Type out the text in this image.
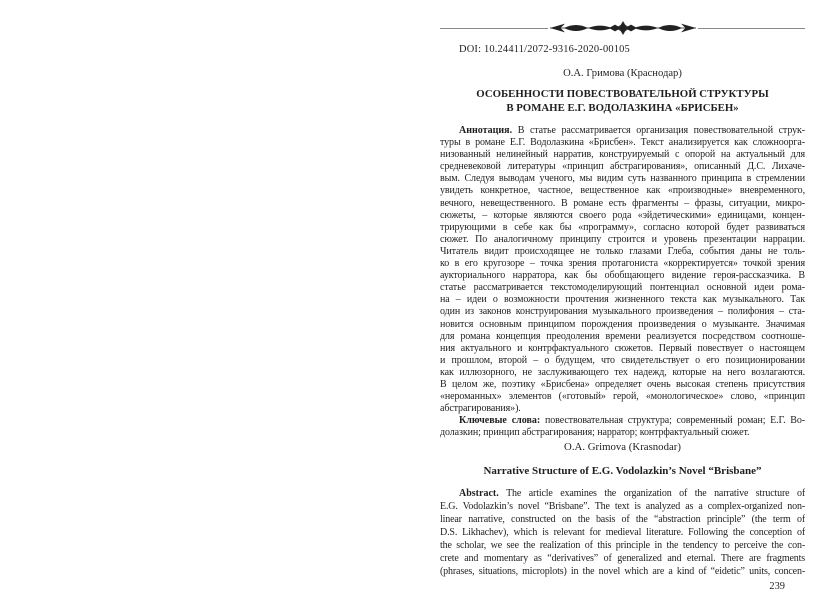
DOI: 10.24411/2072-9316-2020-00105
О.А. Гримова (Краснодар)
ОСОБЕННОСТИ ПОВЕСТВОВАТЕЛЬНОЙ СТРУКТУРЫ
В РОМАНЕ Е.Г. ВОДОЛАЗКИНА «БРИСБЕН»
Аннотация. В статье рассматривается организация повествовательной струк-
туры в романе Е.Г. Водолазкина «Брисбен». Текст анализируется как сложноорга-
низованный нелинейный нарратив, конструируемый с опорой на актуальный для
средневековой литературы «принцип абстрагирования», описанный Д.С. Лихаче-
вым. Следуя выводам ученого, мы видим суть названного принципа в стремлении
увидеть конкретное, частное, вещественное как «производные» вневременного,
вечного, невещественного. В романе есть фрагменты – фразы, ситуации, микро-
сюжеты, – которые являются своего рода «эйдетическими» единицами, концен-
трирующими в себе как бы «программу», согласно которой будет развиваться
сюжет. По аналогичному принципу строится и уровень презентации наррации.
Читатель видит происходящее не только глазами Глеба, события даны не толь-
ко в его кругозоре – точка зрения протагониста «корректируется» точкой зрения
аукториального нарратора, как бы обобщающего видение героя-рассказчика. В
статье рассматривается текстомоделирующий понтенциал основной идеи рома-
на – идеи о возможности прочтения жизненного текста как музыкального. Так
один из законов конструирования музыкального произведения – полифония – ста-
новится основным принципом порождения произведения о музыканте. Значимая
для романа концепция преодоления времени реализуется посредством соотноше-
ния актуального и контрфактуального сюжетов. Первый повествует о настоящем
и прошлом, второй – о будущем, что свидетельствует о его позиционировании
как иллюзорного, не заслуживающего тех надежд, которые на него возлагаются.
В целом же, поэтику «Брисбена» определяет очень высокая степень присутствия
«нероманных» элементов («готовый» герой, «монологическое» слово, «принцип
абстрагирования»).
Ключевые слова: повествовательная структура; современный роман; Е.Г. Во-
долазкин; принцип абстрагирования; нарратор; контрфактуальный сюжет.
O.A. Grimova (Krasnodar)
Narrative Structure of E.G. Vodolazkin’s Novel “Brisbane”
Abstract. The article examines the organization of the narrative structure of
E.G. Vodolazkin’s novel “Brisbane”. The text is analyzed as a complex-organized non-
linear narrative, constructed on the basis of the “abstraction principle” (the term of
D.S. Likhachev), which is relevant for medieval literature. Following the conception of
the scholar, we see the realization of this principle in the tendency to perceive the con-
crete and momentary as “derivatives” of generalized and eternal. There are fragments
(phrases, situations, microplots) in the novel which are a kind of “eidetic” units, concen-
239
